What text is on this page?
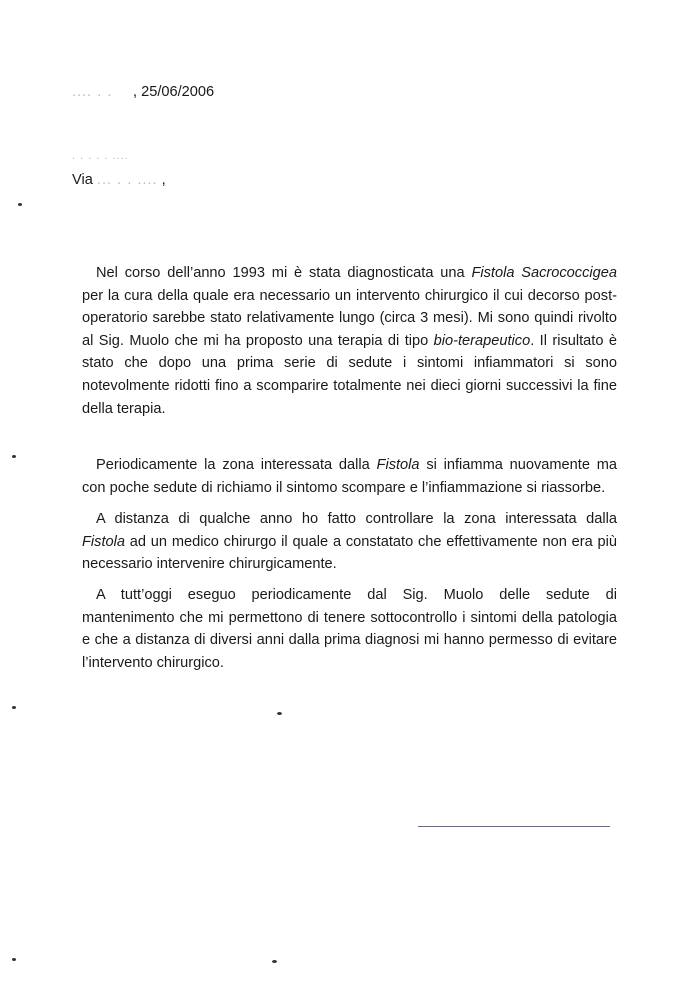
.... . . , 25/06/2006
. . . . . ....
Via ... . . .... ,
Nel corso dell’anno 1993 mi è stata diagnosticata una Fistola Sacrococcigea
per la cura della quale era necessario un intervento chirurgico il cui decorso post-
operatorio sarebbe stato relativamente lungo (circa 3 mesi). Mi sono quindi rivolto
al Sig. Muolo che mi ha proposto una terapia di tipo bio-terapeutico. Il risultato è
stato che dopo una prima serie di sedute i sintomi infiammatori si sono
notevolmente ridotti fino a scomparire totalmente nei dieci giorni successivi la fine
della terapia.
Periodicamente la zona interessata dalla Fistola si infiamma nuovamente ma
con poche sedute di richiamo il sintomo scompare e l’infiammazione si riassorbe.
A distanza di qualche anno ho fatto controllare la zona interessata dalla
Fistola ad un medico chirurgo il quale a constatato che effettivamente non era più
necessario intervenire chirurgicamente.
A tutt’oggi eseguo periodicamente dal Sig. Muolo delle sedute di
mantenimento che mi permettono di tenere sottocontrollo i sintomi della patologia
e che a distanza di diversi anni dalla prima diagnosi mi hanno permesso di evitare
l’intervento chirurgico.
